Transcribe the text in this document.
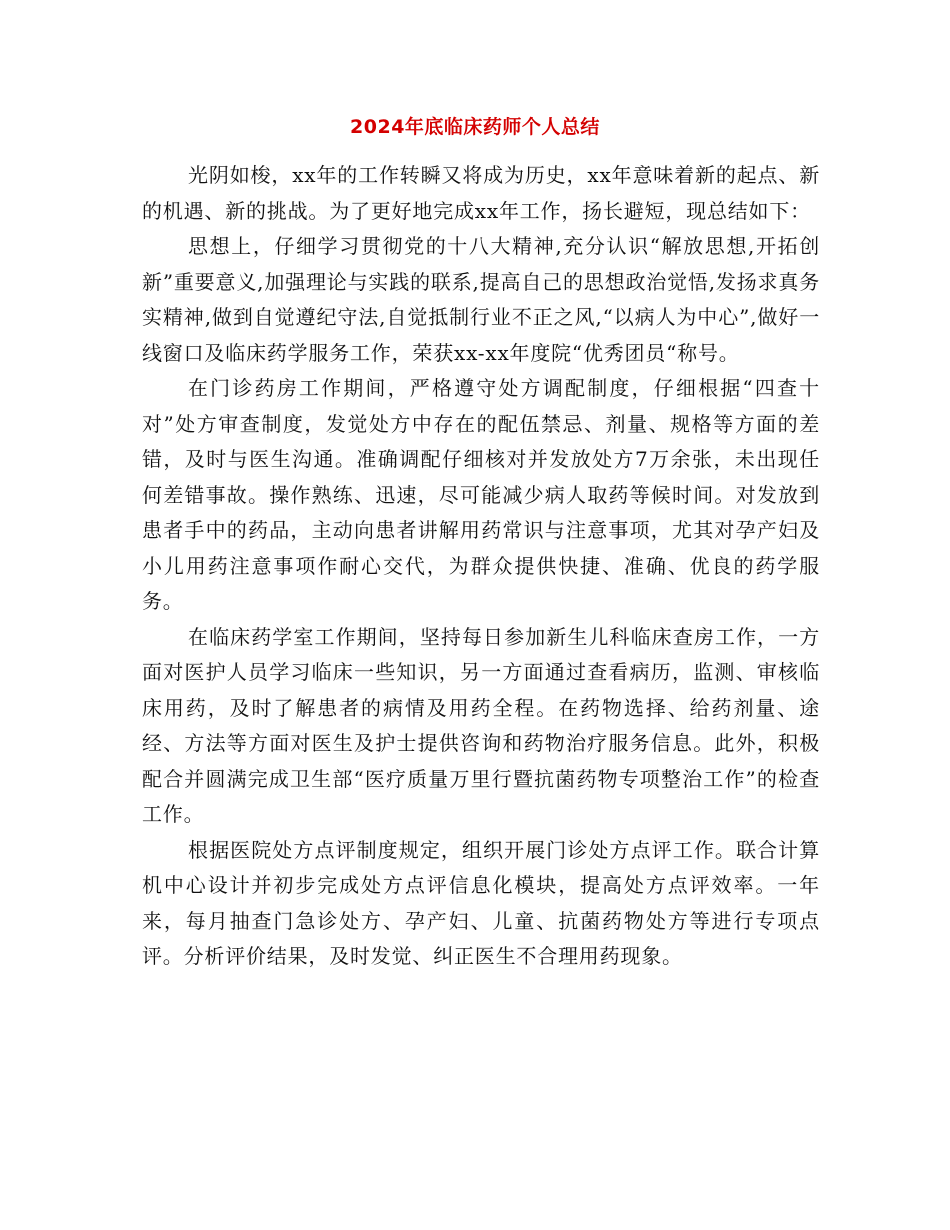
2024年底临床药师个人总结

光阴如梭，xx年的工作转瞬又将成为历史，xx年意味着新的起点、新的机遇、新的挑战。为了更好地完成xx年工作，扬长避短，现总结如下：

思想上，仔细学习贯彻党的十八大精神,充分认识“解放思想,开拓创新”重要意义,加强理论与实践的联系,提高自己的思想政治觉悟,发扬求真务实精神,做到自觉遵纪守法,自觉抵制行业不正之风,“以病人为中心”,做好一线窗口及临床药学服务工作，荣获xx-xx年度院“优秀团员“称号。

在门诊药房工作期间，严格遵守处方调配制度，仔细根据“四查十对”处方审查制度，发觉处方中存在的配伍禁忌、剂量、规格等方面的差错，及时与医生沟通。准确调配仔细核对并发放处方7万余张，未出现任何差错事故。操作熟练、迅速，尽可能减少病人取药等候时间。对发放到患者手中的药品，主动向患者讲解用药常识与注意事项，尤其对孕产妇及小儿用药注意事项作耐心交代，为群众提供快捷、准确、优良的药学服务。

在临床药学室工作期间，坚持每日参加新生儿科临床查房工作，一方面对医护人员学习临床一些知识，另一方面通过查看病历，监测、审核临床用药，及时了解患者的病情及用药全程。在药物选择、给药剂量、途经、方法等方面对医生及护士提供咨询和药物治疗服务信息。此外，积极配合并圆满完成卫生部“医疗质量万里行暨抗菌药物专项整治工作”的检查工作。

根据医院处方点评制度规定，组织开展门诊处方点评工作。联合计算机中心设计并初步完成处方点评信息化模块，提高处方点评效率。一年来，每月抽查门急诊处方、孕产妇、儿童、抗菌药物处方等进行专项点评。分析评价结果，及时发觉、纠正医生不合理用药现象。
